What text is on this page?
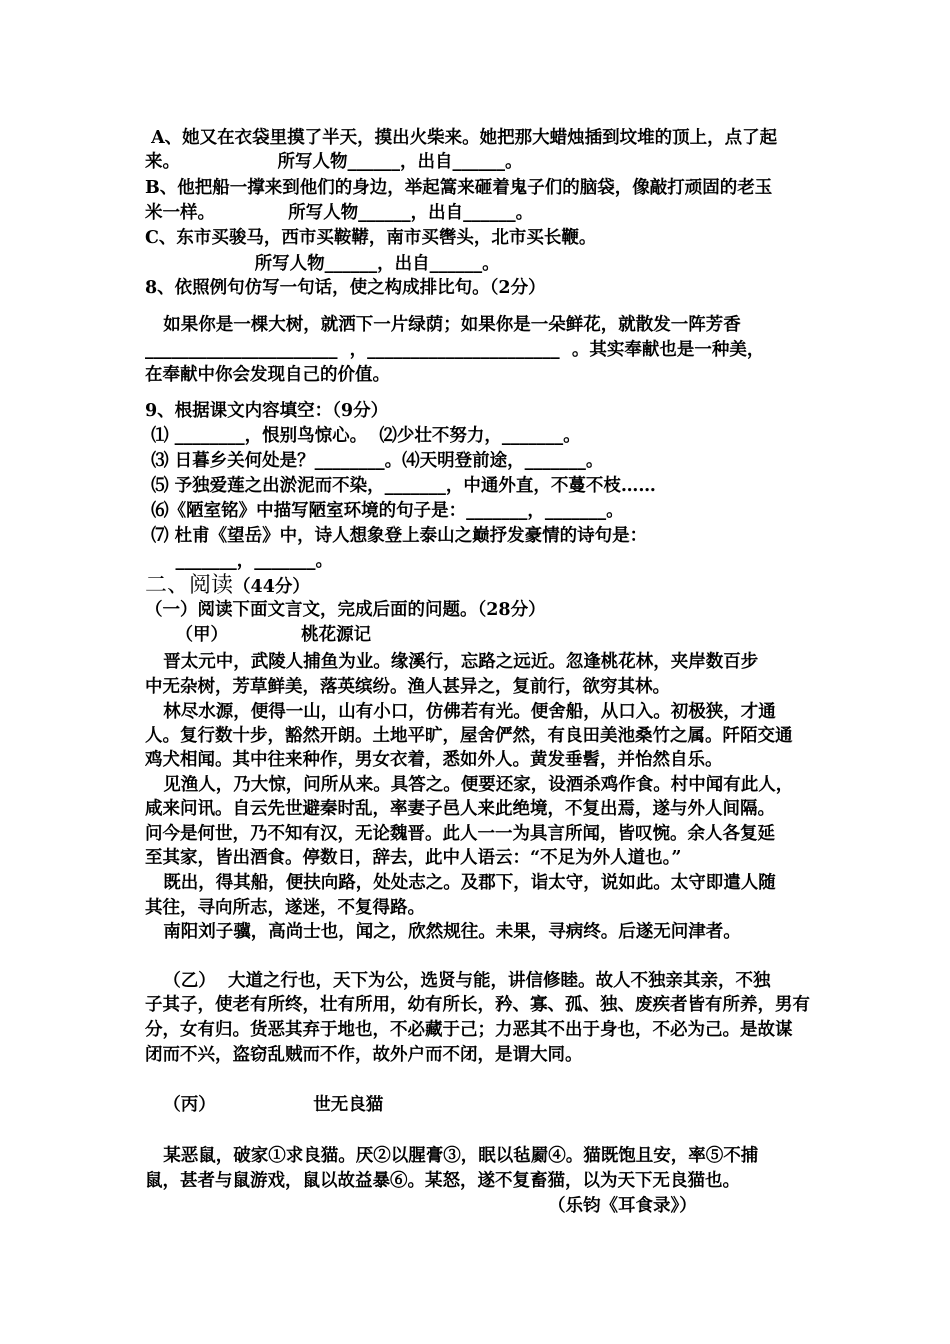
A、她又在衣袋里摸了半天，摸出火柴来。她把那大蜡烛插到坟堆的顶上，点了起
来。                所写人物______，出自______。
B、他把船一撑来到他们的身边，举起篙来砸着鬼子们的脑袋，像敲打顽固的老玉
米一样。            所写人物______，出自______。
C、东市买骏马，西市买鞍鞯，南市买辔头，北市买长鞭。
所写人物______，出自______。
8、依照例句仿写一句话，使之构成排比句。（2分）
如果你是一棵大树，就洒下一片绿荫；如果你是一朵鲜花，就散发一阵芳香
______________________  ，______________________  。其实奉献也是一种美，
在奉献中你会发现自己的价值。
9、根据课文内容填空：（9分）
⑴ ________，恨别鸟惊心。  ⑵少壮不努力，_______。
⑶ 日暮乡关何处是？________。⑷天明登前途，_______。
⑸ 予独爱莲之出淤泥而不染，_______，中通外直，不蔓不枝……
⑹《陋室铭》中描写陋室环境的句子是：_______，_______。
⑺ 杜甫《望岳》中，诗人想象登上泰山之巅抒发豪情的诗句是：
_______，_______。
二、阅读（44分）
（一）阅读下面文言文，完成后面的问题。（28分）
（甲）            桃花源记
晋太元中，武陵人捕鱼为业。缘溪行，忘路之远近。忽逢桃花林，夹岸数百步
中无杂树，芳草鲜美，落英缤纷。渔人甚异之，复前行，欲穷其林。
林尽水源，便得一山，山有小口，仿佛若有光。便舍船，从口入。初极狭，才通
人。复行数十步，豁然开朗。土地平旷，屋舍俨然，有良田美池桑竹之属。阡陌交通
鸡犬相闻。其中往来种作，男女衣着，悉如外人。黄发垂髫，并怡然自乐。
见渔人，乃大惊，问所从来。具答之。便要还家，设酒杀鸡作食。村中闻有此人，
咸来问讯。自云先世避秦时乱，率妻子邑人来此绝境，不复出焉，遂与外人间隔。
问今是何世，乃不知有汉，无论魏晋。此人一一为具言所闻，皆叹惋。余人各复延
至其家，皆出酒食。停数日，辞去，此中人语云：“不足为外人道也。”
既出，得其船，便扶向路，处处志之。及郡下，诣太守，说如此。太守即遣人随
其往，寻向所志，遂迷，不复得路。
南阳刘子骥，高尚士也，闻之，欣然规往。未果，寻病终。后遂无问津者。
（乙）  大道之行也，天下为公，选贤与能，讲信修睦。故人不独亲其亲，不独
子其子，使老有所终，壮有所用，幼有所长，矜、寡、孤、独、废疾者皆有所养，男有
分，女有归。货恶其弃于地也，不必藏于己；力恶其不出于身也，不必为己。是故谋
闭而不兴，盗窃乱贼而不作，故外户而不闭，是谓大同。
（丙）                世无良猫
某恶鼠，破家①求良猫。厌②以腥膏③，眠以毡罽④。猫既饱且安，率⑤不捕
鼠，甚者与鼠游戏，鼠以故益暴⑥。某怒，遂不复畜猫，以为天下无良猫也。
（乐钧《耳食录》）
